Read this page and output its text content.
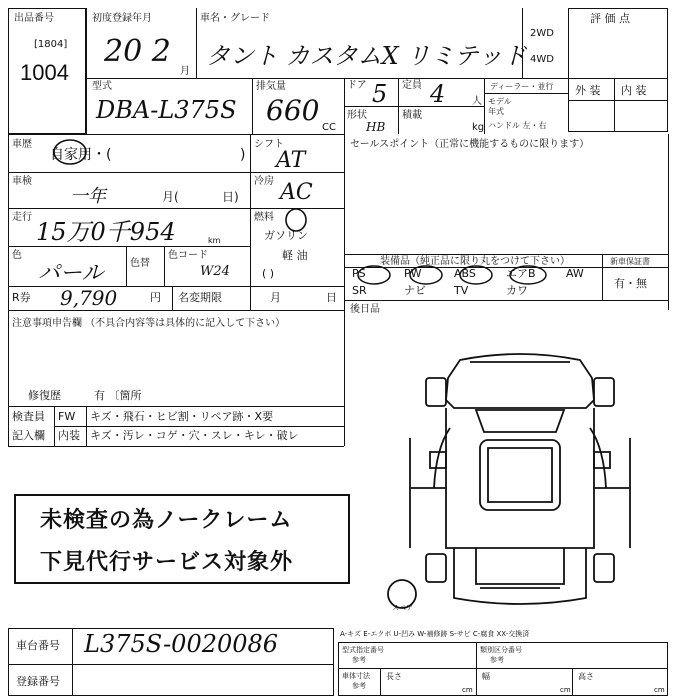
出品番号
[1804]
1004
初度登録年月
20 2
月
車名・グレード
タント カスタムX リミテッド
2WD
4WD
評 価 点
外 装 内 装
型式
DBA-L375S
排気量
660
CC
ドア 5 定員 4	人
形状
HB
積載
kg
ディーラー・並行
モデル
年式
ハンドル 左・右
車歴
自家用・(	)
シフト
AT
車検
一年	月(	日)
冷房 AC
走行
15万0千954	km
燃料
ガソリン
軽 油
( )
色
パール	色替
色コード
W24
R券 9,790	円 名変期限	月	日
注意事項申告欄 （不具合内容等は具体的に記入して下さい）
修復歴	有 〔箇所
検査員
記入欄
FW キズ・飛石・ヒビ割・リペア跡・X要
内装 キズ・汚レ・コゲ・穴・スレ・キレ・破レ
セールスポイント（正常に機能するものに限ります）
装備品（純正品に限り丸をつけて下さい）	新車保証書
有・無
PS	PW	ABS	エアB	AW
SR	ナビ	TV	カワ
後日品
スペア
未検査の為ノークレーム
下見代行サービス対象外
車台番号 L375S-0020086
登録番号
A-キズ E-エクボ U-凹み W-補修跡 S-サビ C-腐食 XX-交換済
型式指定番号
参考
類別区分番号
参考
車体寸法
参考
長さ
cm
幅
cm
高さ
cm
